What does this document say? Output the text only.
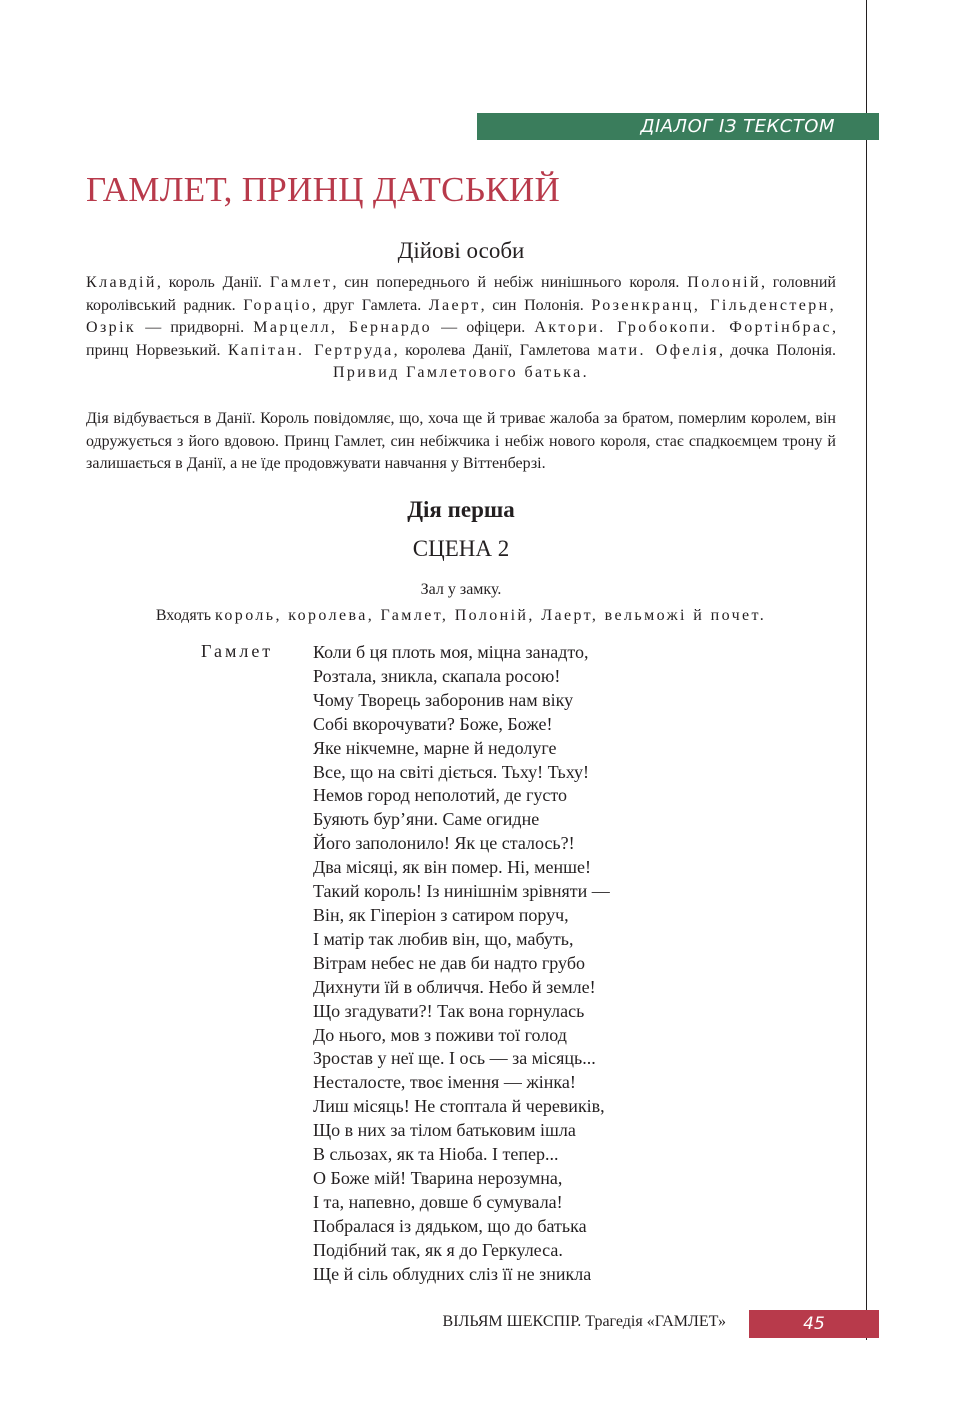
ДІАЛОГ ІЗ ТЕКСТОМ
ГАМЛЕТ, ПРИНЦ ДАТСЬКИЙ
Дійові особи

Клавдій, король Данії. Гамлет, син попереднього й небіж нинішнього короля. Полоній, головний королівський радник. Гораціо, друг Гамлета. Лаерт, син Полонія. Розенкранц, Гільденстерн, Озрік — придворні. Марцелл, Бернардо — офіцери. Актори. Гробокопи. Фортінбрас, принц Норвезький. Капітан. Гертруда, королева Данії, Гамлетова мати. Офелія, дочка Полонія. Привид Гамлетового батька.

Дія відбувається в Данії. Король повідомляє, що, хоча ще й триває жалоба за братом, померлим королем, він одружується з його вдовою. Принц Гамлет, син небіжчика і небіж нового короля, стає спадкоємцем трону й залишається в Данії, а не їде продовжувати навчання у Віттенберзі.

Дія перша
СЦЕНА 2

Зал у замку.

Входять король, королева, Гамлет, Полоній, Лаерт, вельможі й почет.

Гамлет Коли б ця плоть моя, міцна занадто,
Розтала, зникла, скапала росою!
Чому Творець заборонив нам віку
Собі вкорочувати? Боже, Боже!
Яке нікчемне, марне й недолуге
Все, що на світі діється. Тьху! Тьху!
Немов город неполотий, де густо
Буяють бур’яни. Саме огидне
Його заполонило! Як це сталось?!
Два місяці, як він помер. Ні, менше!
Такий король! Із нинішнім зрівняти —
Він, як Гіперіон з сатиром поруч,
І матір так любив він, що, мабуть,
Вітрам небес не дав би надто грубо
Дихнути їй в обличчя. Небо й земле!
Що згадувати?! Так вона горнулась
До нього, мов з поживи тої голод
Зростав у неї ще. І ось — за місяць...
Несталосте, твоє імення — жінка!
Лиш місяць! Не стоптала й черевиків,
Що в них за тілом батьковим ішла
В сльозах, як та Ніоба. І тепер...
О Боже мій! Тварина нерозумна,
І та, напевно, довше б сумувала!
Побралася із дядьком, що до батька
Подібний так, як я до Геркулеса.
Ще й сіль облудних сліз її не зникла
ВІЛЬЯМ ШЕКСПІР. Трагедія «ГАМЛЕТ»	45
